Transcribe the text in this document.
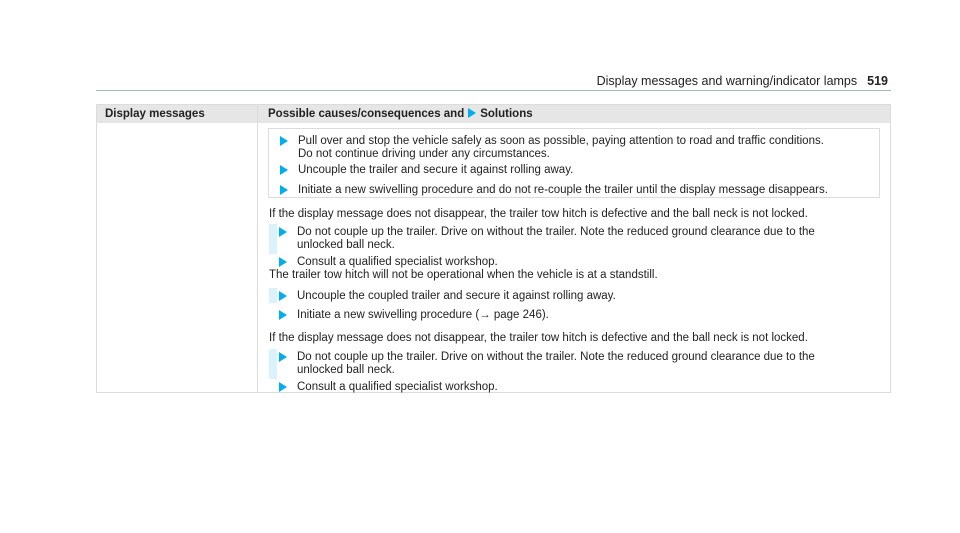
Display messages and warning/indicator lamps 519
Display messages	Possible causes/consequences and Solutions
Pull over and stop the vehicle safely as soon as possible, paying attention to road and traffic conditions.
Do not continue driving under any circumstances.
Uncouple the trailer and secure it against rolling away.
Initiate a new swivelling procedure and do not re-couple the trailer until the display message disappears.
If the display message does not disappear, the trailer tow hitch is defective and the ball neck is not locked.
Do not couple up the trailer. Drive on without the trailer. Note the reduced ground clearance due to the
unlocked ball neck.
Consult a qualified specialist workshop.
The trailer tow hitch will not be operational when the vehicle is at a standstill.
Uncouple the coupled trailer and secure it against rolling away.
Initiate a new swivelling procedure (→ page 246).
If the display message does not disappear, the trailer tow hitch is defective and the ball neck is not locked.
Do not couple up the trailer. Drive on without the trailer. Note the reduced ground clearance due to the
unlocked ball neck.
Consult a qualified specialist workshop.
